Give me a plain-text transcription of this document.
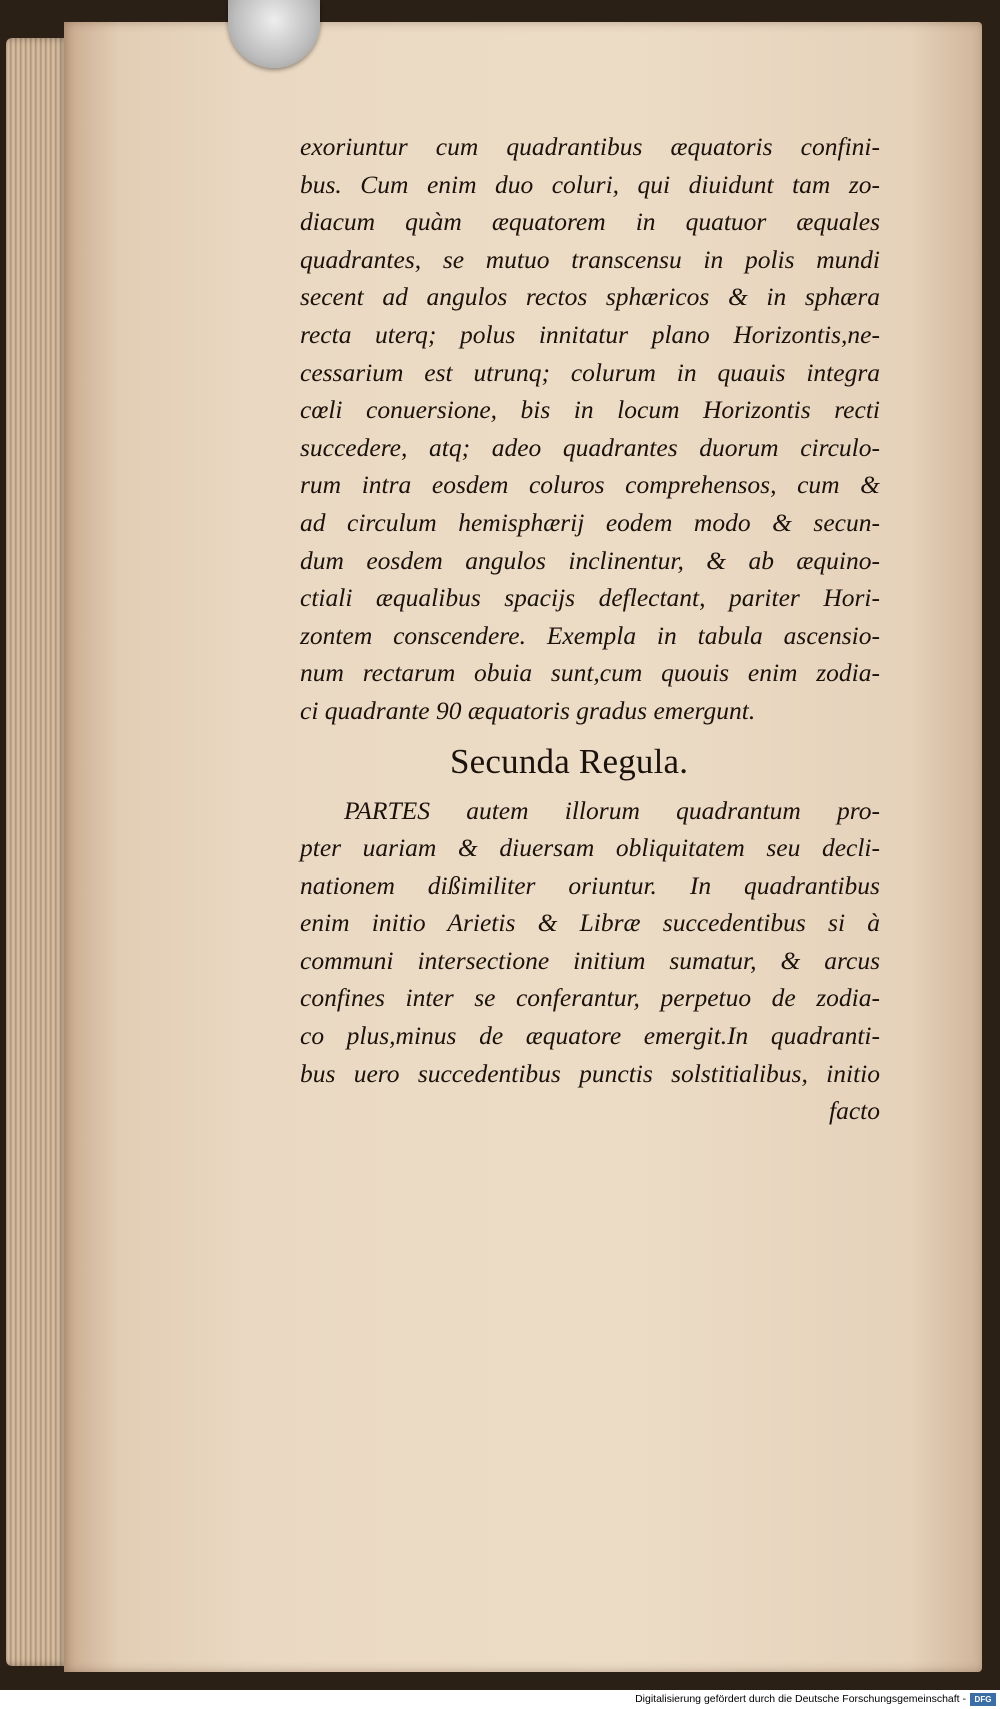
exoriuntur cum quadrantibus æquatoris confini-
bus. Cum enim duo coluri, qui diuidunt tam zo-
diacum quàm æquatorem in quatuor æquales
quadrantes, se mutuo transcensu in polis mundi
secent ad angulos rectos sphæricos & in sphæra
recta uterq; polus innitatur plano Horizontis,ne-
cessarium est utrunq; colurum in quauis integra
cœli conuersione, bis in locum Horizontis recti
succedere, atq; adeo quadrantes duorum circulo-
rum intra eosdem coluros comprehensos, cum &
ad circulum hemisphærij eodem modo & secun-
dum eosdem angulos inclinentur, & ab æquino-
ctiali æqualibus spacijs deflectant, pariter Hori-
zontem conscendere. Exempla in tabula ascensio-
num rectarum obuia sunt,cum quouis enim zodia-
ci quadrante 90 æquatoris gradus emergunt.
Secunda Regula.
PARTES autem illorum quadrantum pro-
pter uariam & diuersam obliquitatem seu decli-
nationem dißimiliter oriuntur. In quadrantibus
enim initio Arietis & Libræ succedentibus si à
communi intersectione initium sumatur, & arcus
confines inter se conferantur, perpetuo de zodia-
co plus,minus de æquatore emergit.In quadranti-
bus uero succedentibus punctis solstitialibus, initio
facto
Digitalisierung gefördert durch die Deutsche Forschungsgemeinschaft -	DFG
